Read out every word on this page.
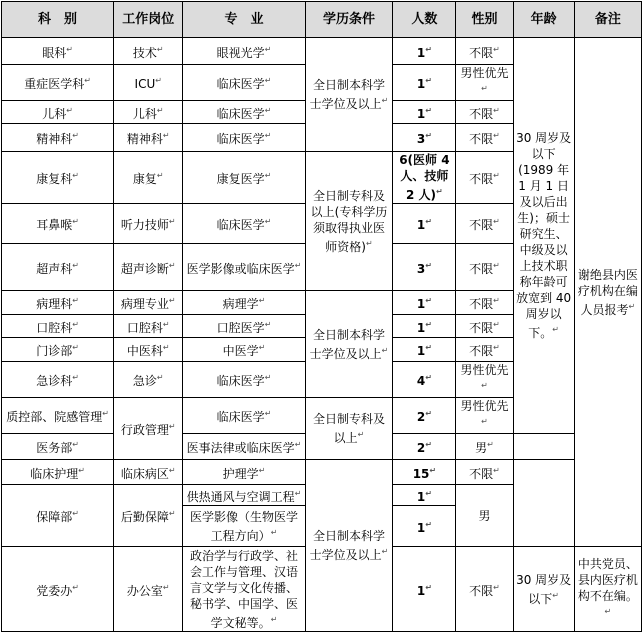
科　别	工作岗位	专　业	学历条件	人数	性别	年龄	备注
眼科 ↵	技术 ↵	眼视光学 ↵	全日制本科学士学位及以上 ↵	1 ↵	不限 ↵	30 周岁及以下(1989 年 1 月 1 日及以后出生)；硕士研究生、中级及以上技术职称年龄可放宽到 40 周岁以下。 ↵	谢绝县内医疗机构在编人员报考 ↵
重症医学科 ↵	ICU ↵	临床医学 ↵		1 ↵	男性优先 ↵
儿科 ↵	儿科 ↵	临床医学 ↵		1 ↵	不限 ↵
精神科 ↵	精神科 ↵	临床医学 ↵		3 ↵	不限 ↵
康复科 ↵	康复 ↵	康复医学 ↵	全日制专科及以上(专科学历须取得执业医师资格) ↵	6(医师 4 人、技师 2 人) ↵	不限 ↵
耳鼻喉 ↵	听力技师 ↵	临床医学 ↵		1 ↵	不限 ↵
超声科 ↵	超声诊断 ↵	医学影像或临床医学 ↵		3 ↵	不限 ↵
病理科 ↵	病理专业 ↵	病理学 ↵	全日制本科学士学位及以上 ↵	1 ↵	不限 ↵
口腔科 ↵	口腔科 ↵	口腔医学 ↵		1 ↵	不限 ↵
门诊部 ↵	中医科 ↵	中医学 ↵		1 ↵	不限 ↵
急诊科 ↵	急诊 ↵	临床医学 ↵		4 ↵	男性优先 ↵
质控部、院感管理 ↵	行政管理 ↵	临床医学 ↵	全日制专科及以上 ↵	2 ↵	男性优先 ↵
医务部 ↵		医事法律或临床医学 ↵		2 ↵	男 ↵
临床护理 ↵	临床病区 ↵	护理学 ↵	全日制本科学士学位及以上 ↵	15 ↵	不限 ↵	
保障部 ↵	后勤保障 ↵	供热通风与空调工程 ↵		1 ↵	男		
		医学影像（生物医学工程方向） ↵		1 ↵
党委办 ↵	办公室 ↵	政治学与行政学、社会工作与管理、汉语言文学与文化传播、秘书学、中国学、医学文秘等。 ↵		1 ↵	不限 ↵	30 周岁及以下 ↵	中共党员、县内医疗机构不在编。 ↵
